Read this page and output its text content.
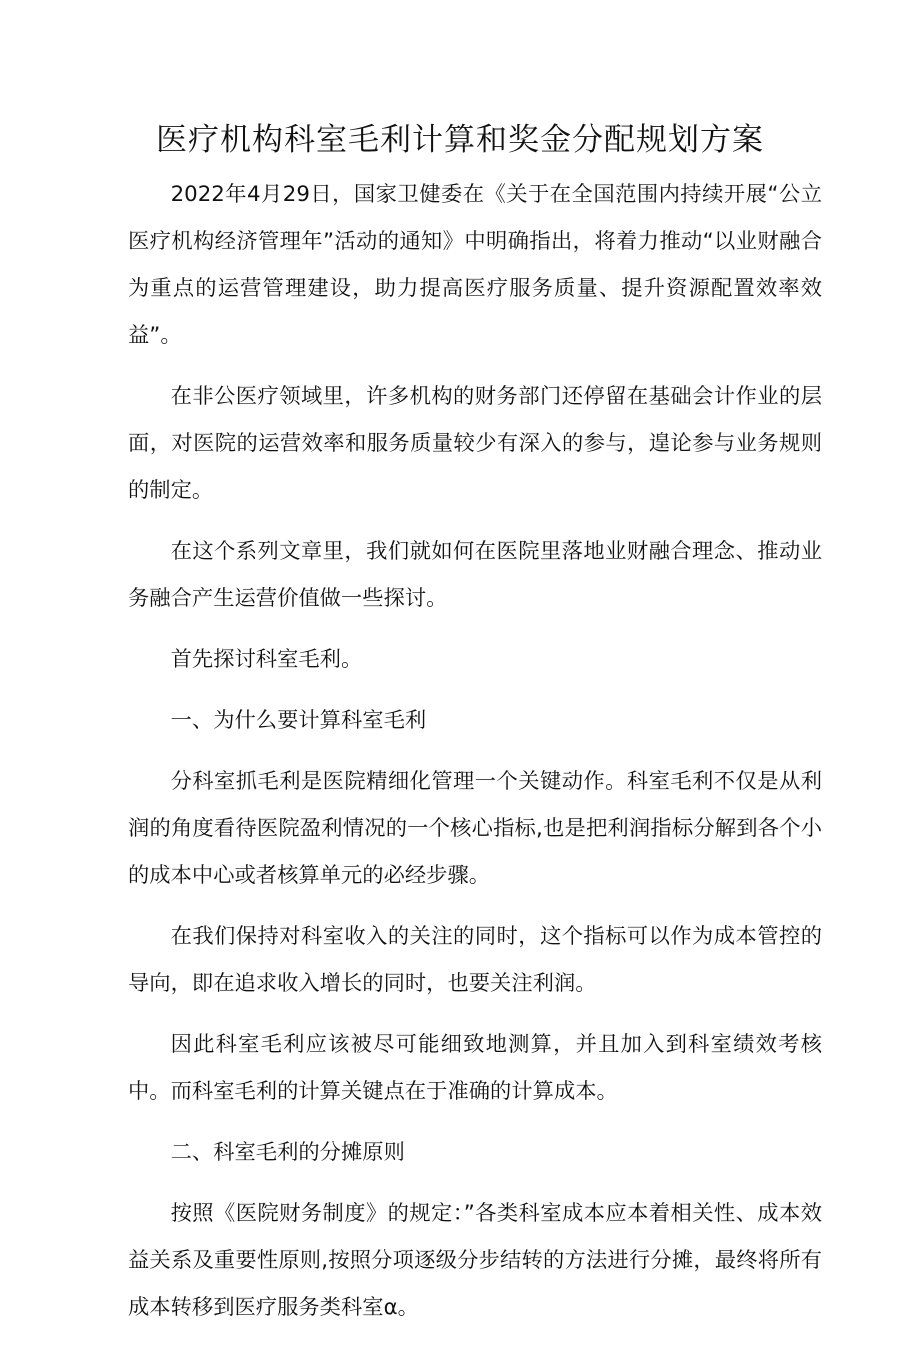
医疗机构科室毛利计算和奖金分配规划方案

2022年4月29日，国家卫健委在《关于在全国范围内持续开展“公立医疗机构经济管理年”活动的通知》中明确指出，将着力推动“以业财融合为重点的运营管理建设，助力提高医疗服务质量、提升资源配置效率效益”。

在非公医疗领域里，许多机构的财务部门还停留在基础会计作业的层面，对医院的运营效率和服务质量较少有深入的参与，遑论参与业务规则的制定。

在这个系列文章里，我们就如何在医院里落地业财融合理念、推动业务融合产生运营价值做一些探讨。

首先探讨科室毛利。

一、为什么要计算科室毛利

分科室抓毛利是医院精细化管理一个关键动作。科室毛利不仅是从利润的角度看待医院盈利情况的一个核心指标,也是把利润指标分解到各个小的成本中心或者核算单元的必经步骤。

在我们保持对科室收入的关注的同时，这个指标可以作为成本管控的导向，即在追求收入增长的同时，也要关注利润。

因此科室毛利应该被尽可能细致地测算，并且加入到科室绩效考核中。而科室毛利的计算关键点在于准确的计算成本。

二、科室毛利的分摊原则

按照《医院财务制度》的规定：”各类科室成本应本着相关性、成本效益关系及重要性原则,按照分项逐级分步结转的方法进行分摊，最终将所有成本转移到医疗服务类科室α。
